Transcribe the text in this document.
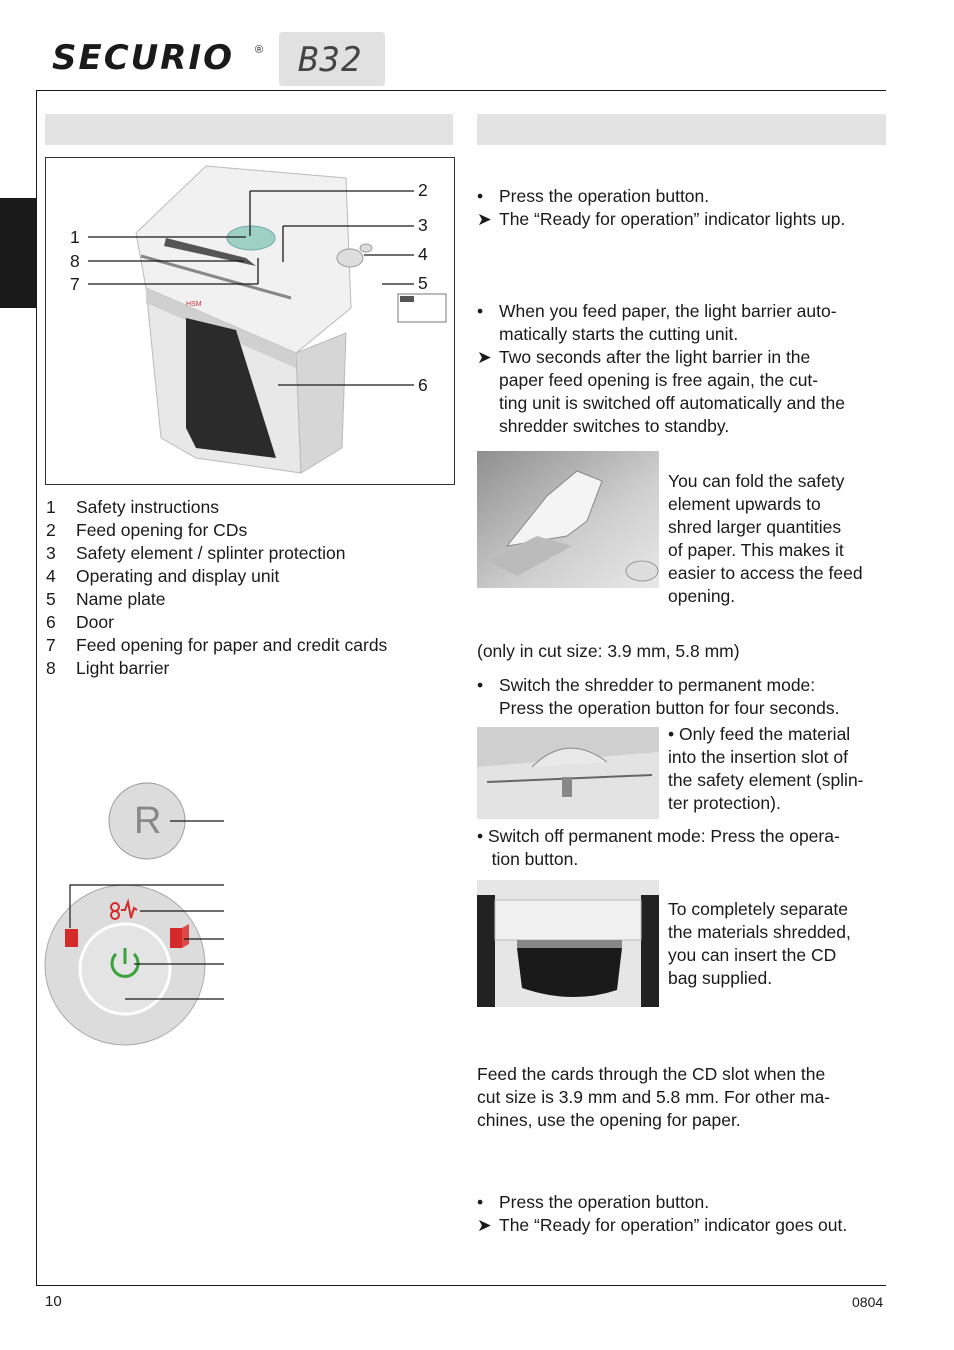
SECURIO ® B32
HSM
1
8
7
2
3
4
5
6
1 Safety instructions
2 Feed opening for CDs
3 Safety element / splinter protection
4 Operating and display unit
5 Name plate
6 Door
7 Feed opening for paper and credit cards
8 Light barrier
R
• Press the operation button.
➤ The “Ready for operation” indicator lights up.
• When you feed paper, the light barrier auto-
matically starts the cutting unit.
➤ Two seconds after the light barrier in the
paper feed opening is free again, the cut-
ting unit is switched off automatically and the
shredder switches to standby.
You can fold the safety
element upwards to
shred larger quantities
of paper. This makes it
easier to access the feed
opening.
(only in cut size: 3.9 mm, 5.8 mm)
• Switch the shredder to permanent mode:
Press the operation button for four seconds.
• Only feed the material
into the insertion slot of
the safety element (splin-
ter protection).
• Switch off permanent mode: Press the opera-
tion button.
To completely separate
the materials shredded,
you can insert the CD
bag supplied.
Feed the cards through the CD slot when the
cut size is 3.9 mm and 5.8 mm. For other ma-
chines, use the opening for paper.
• Press the operation button.
➤ The “Ready for operation” indicator goes out.
10	0804
